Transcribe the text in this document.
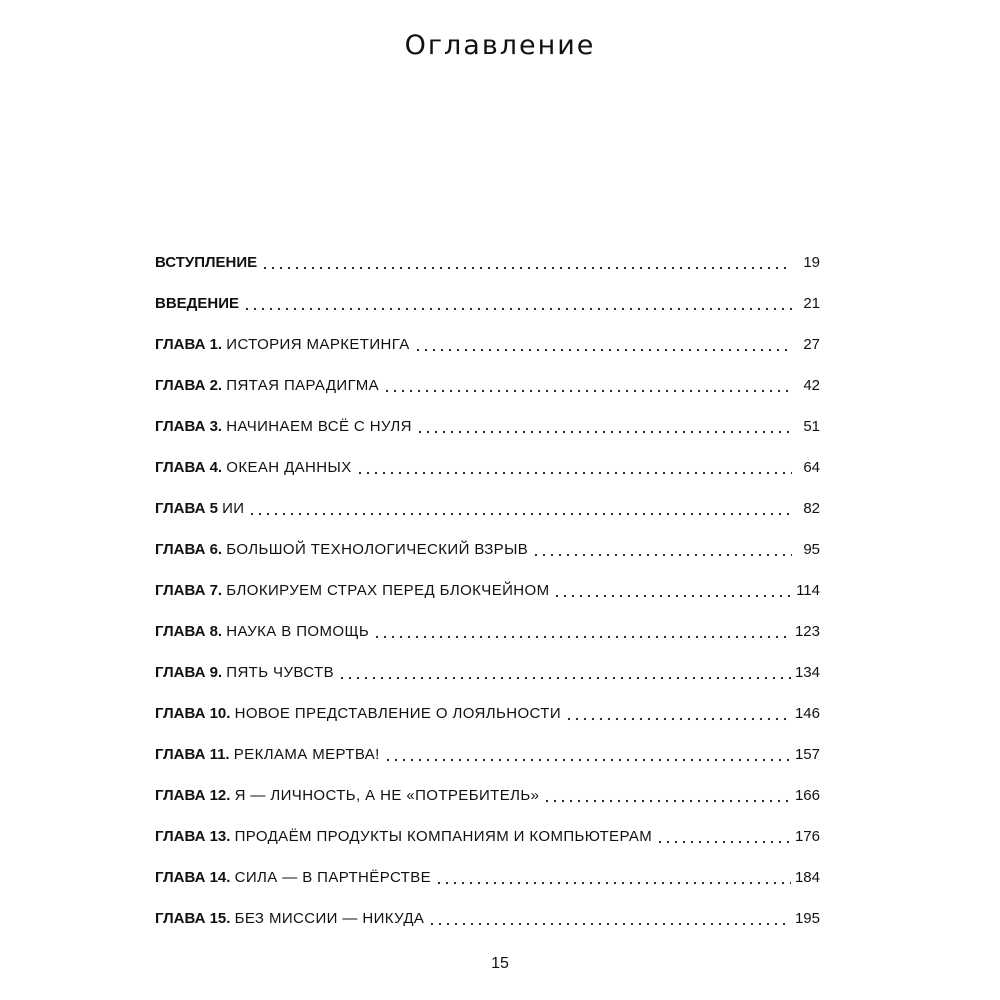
Оглавление
ВСТУПЛЕНИЕ	19
ВВЕДЕНИЕ	21
ГЛАВА 1. ИСТОРИЯ МАРКЕТИНГА	27
ГЛАВА 2. ПЯТАЯ ПАРАДИГМА	42
ГЛАВА 3. НАЧИНАЕМ ВСЁ С НУЛЯ	51
ГЛАВА 4. ОКЕАН ДАННЫХ	64
ГЛАВА 5 ИИ	82
ГЛАВА 6. БОЛЬШОЙ ТЕХНОЛОГИЧЕСКИЙ ВЗРЫВ	95
ГЛАВА 7. БЛОКИРУЕМ СТРАХ ПЕРЕД БЛОКЧЕЙНОМ	114
ГЛАВА 8. НАУКА В ПОМОЩЬ	123
ГЛАВА 9. ПЯТЬ ЧУВСТВ	134
ГЛАВА 10. НОВОЕ ПРЕДСТАВЛЕНИЕ О ЛОЯЛЬНОСТИ	146
ГЛАВА 11. РЕКЛАМА МЕРТВА!	157
ГЛАВА 12. Я — ЛИЧНОСТЬ, А НЕ «ПОТРЕБИТЕЛЬ»	166
ГЛАВА 13. ПРОДАЁМ ПРОДУКТЫ КОМПАНИЯМ И КОМПЬЮТЕРАМ	176
ГЛАВА 14. СИЛА — В ПАРТНЁРСТВЕ	184
ГЛАВА 15. БЕЗ МИССИИ — НИКУДА	195
15
